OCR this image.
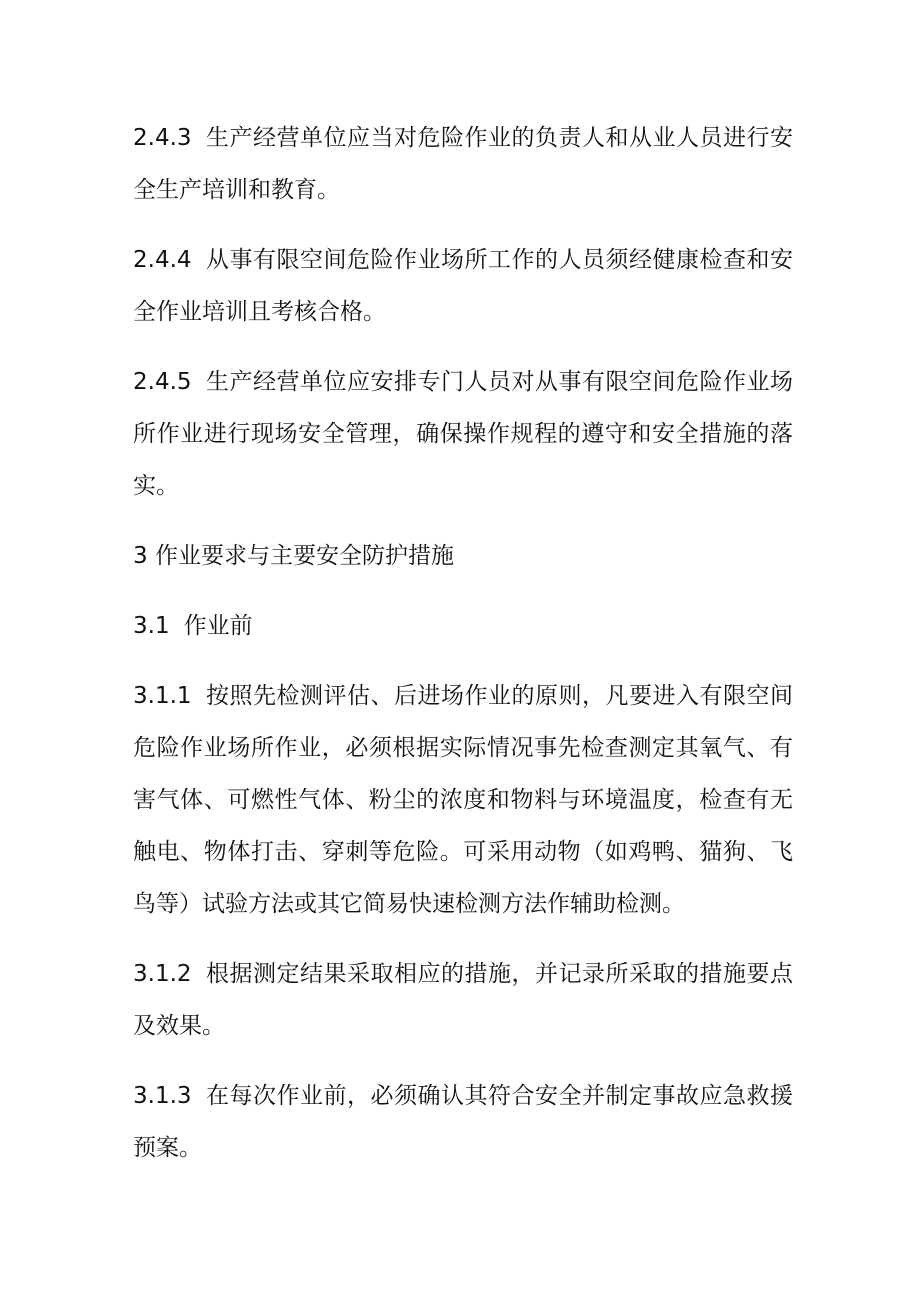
2.4.3 生产经营单位应当对危险作业的负责人和从业人员进行安全生产培训和教育。

2.4.4 从事有限空间危险作业场所工作的人员须经健康检查和安全作业培训且考核合格。

2.4.5 生产经营单位应安排专门人员对从事有限空间危险作业场所作业进行现场安全管理，确保操作规程的遵守和安全措施的落实。

3 作业要求与主要安全防护措施

3.1 作业前

3.1.1 按照先检测评估、后进场作业的原则，凡要进入有限空间危险作业场所作业，必须根据实际情况事先检查测定其氧气、有害气体、可燃性气体、粉尘的浓度和物料与环境温度，检查有无触电、物体打击、穿刺等危险。可采用动物（如鸡鸭、猫狗、飞鸟等）试验方法或其它简易快速检测方法作辅助检测。

3.1.2 根据测定结果采取相应的措施，并记录所采取的措施要点及效果。

3.1.3 在每次作业前，必须确认其符合安全并制定事故应急救援预案。
